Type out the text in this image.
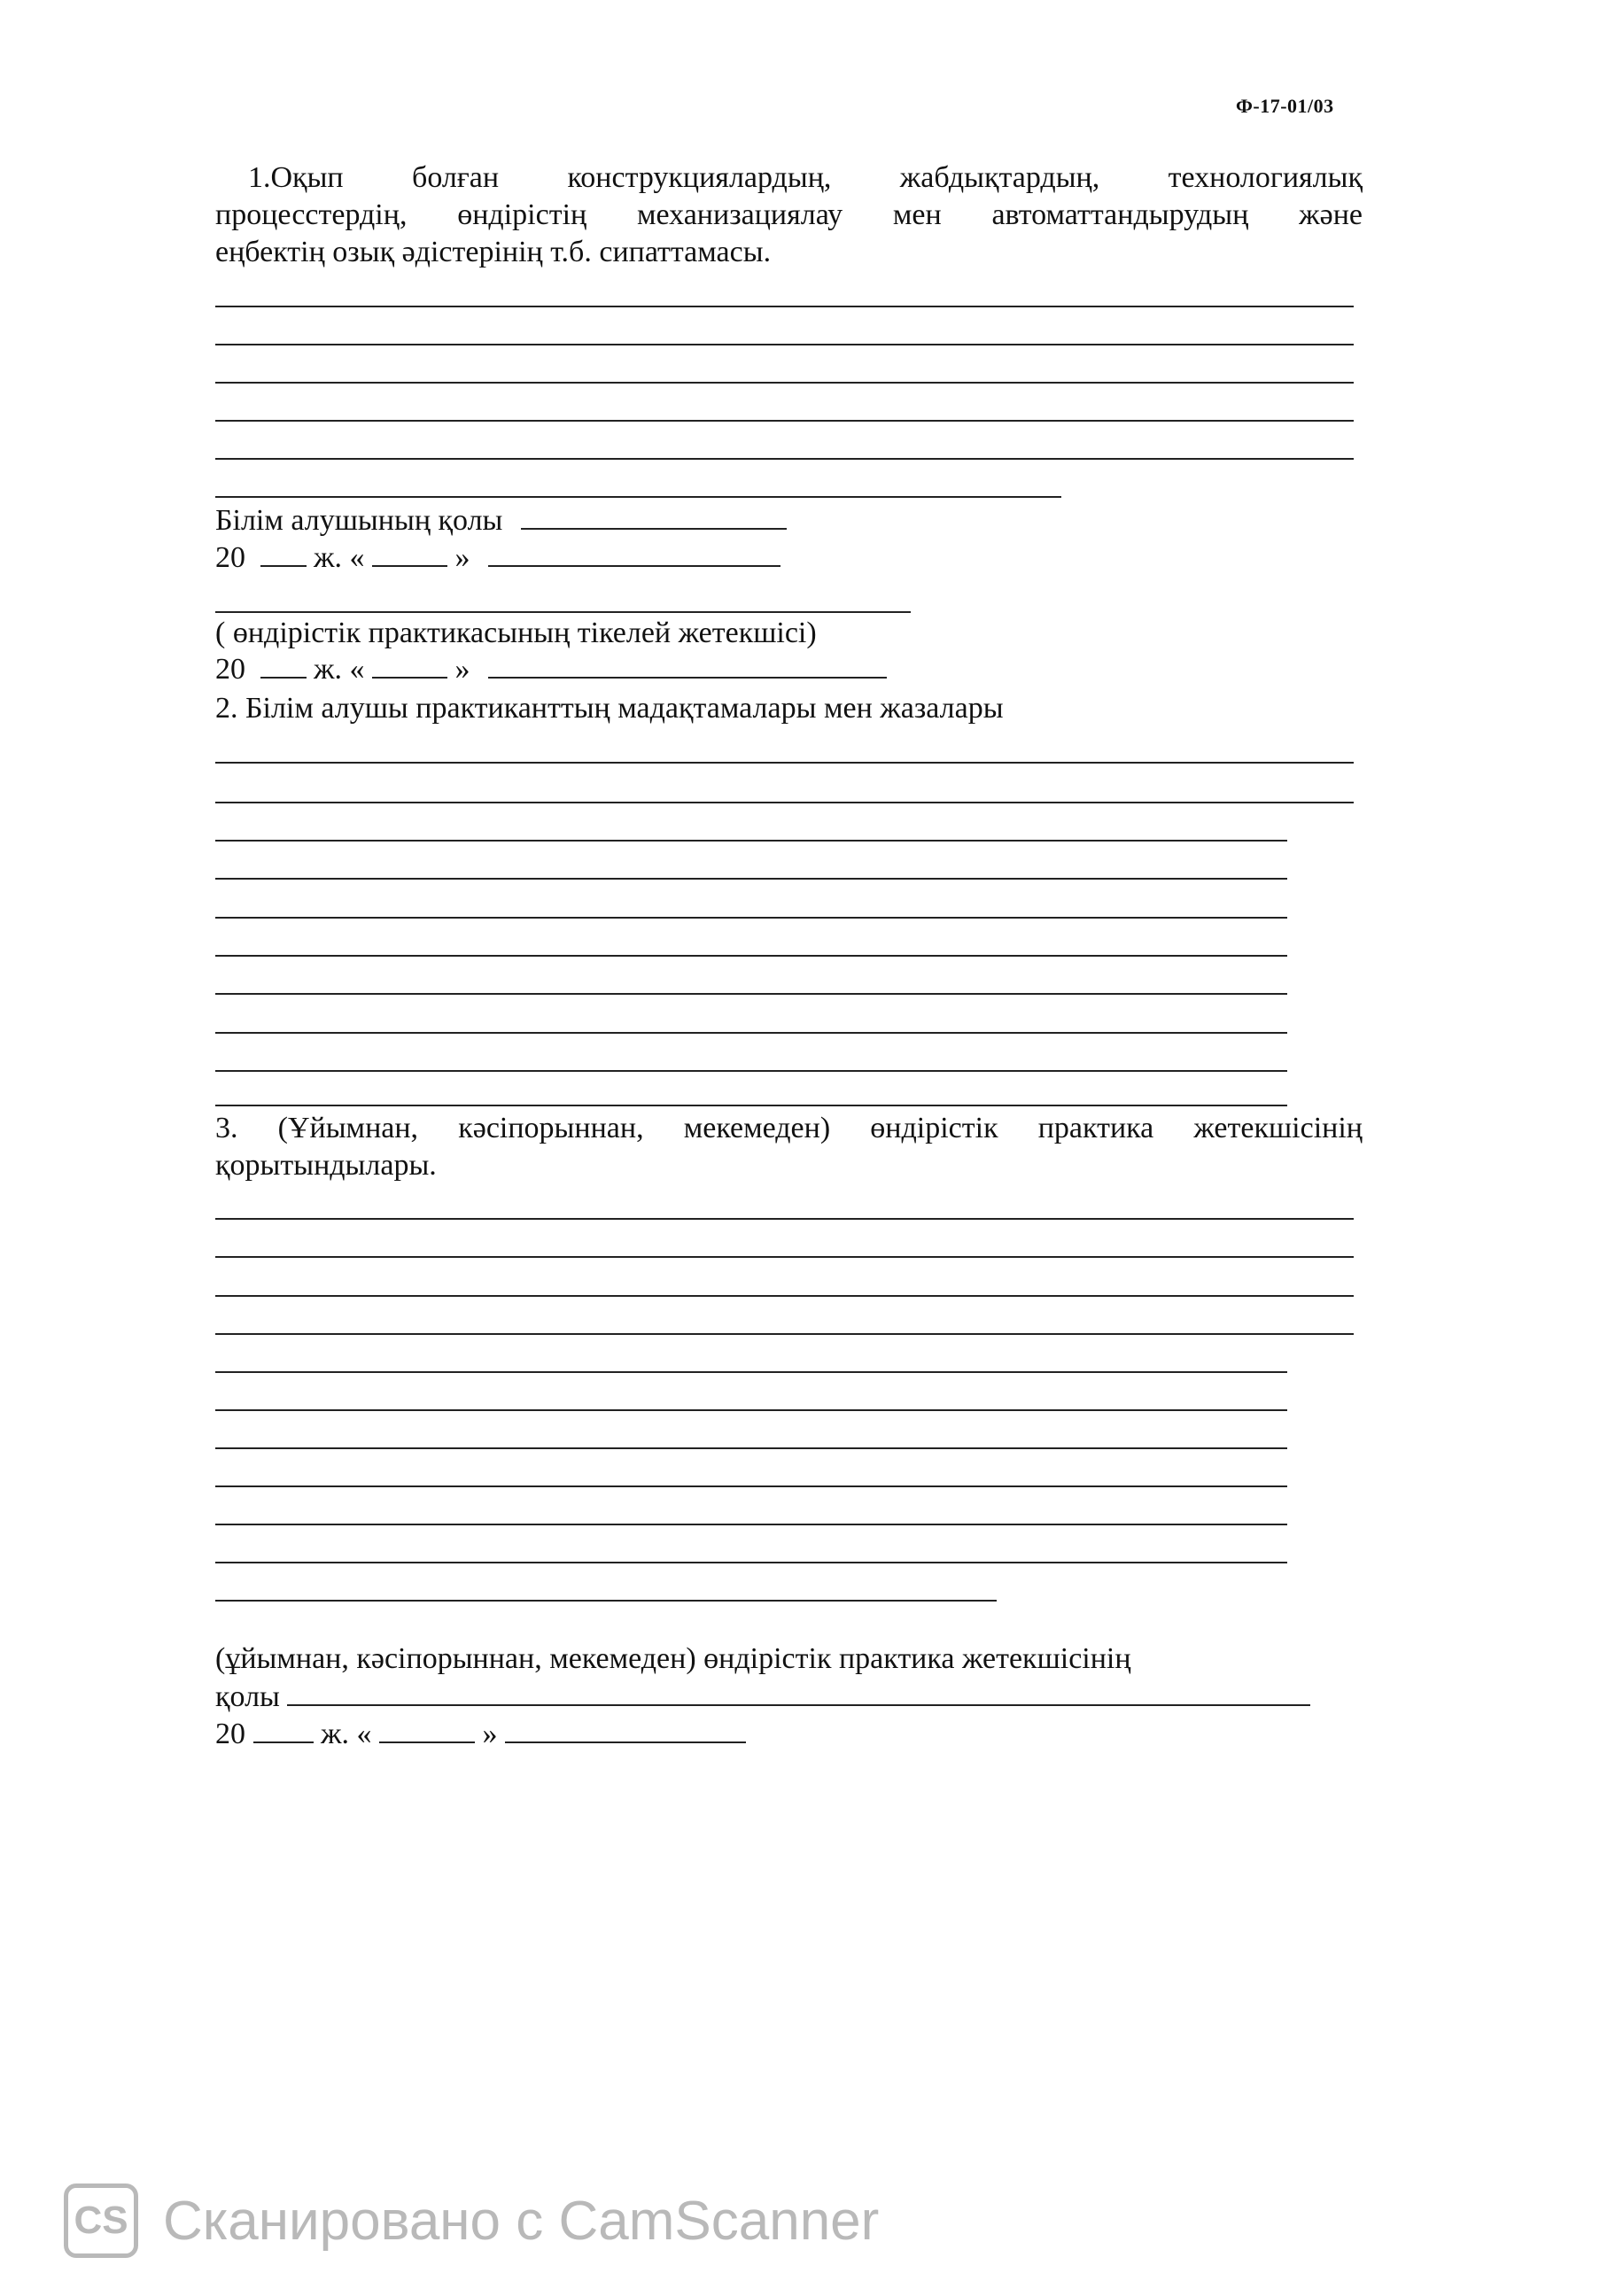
Ф-17-01/03
1.Оқып болған конструкциялардың, жабдықтардың, технологиялық
процесстердің, өндірістің механизациялау мен автоматтандырудың және
еңбектің озық әдістерінің т.б. сипаттамасы.
Білім алушының қолы
20 ж. «	»
( өндірістік практикасының тікелей жетекшісі)
20 ж. «	»
2. Білім алушы практиканттың мадақтамалары мен жазалары
3. (Ұйымнан, кәсіпорыннан, мекемеден) өндірістік практика жетекшісінің
қорытындылары.
(ұйымнан, кәсіпорыннан, мекемеден) өндірістік практика жетекшісінің
қолы
20	ж. «	»
CS Сканировано с CamScanner
